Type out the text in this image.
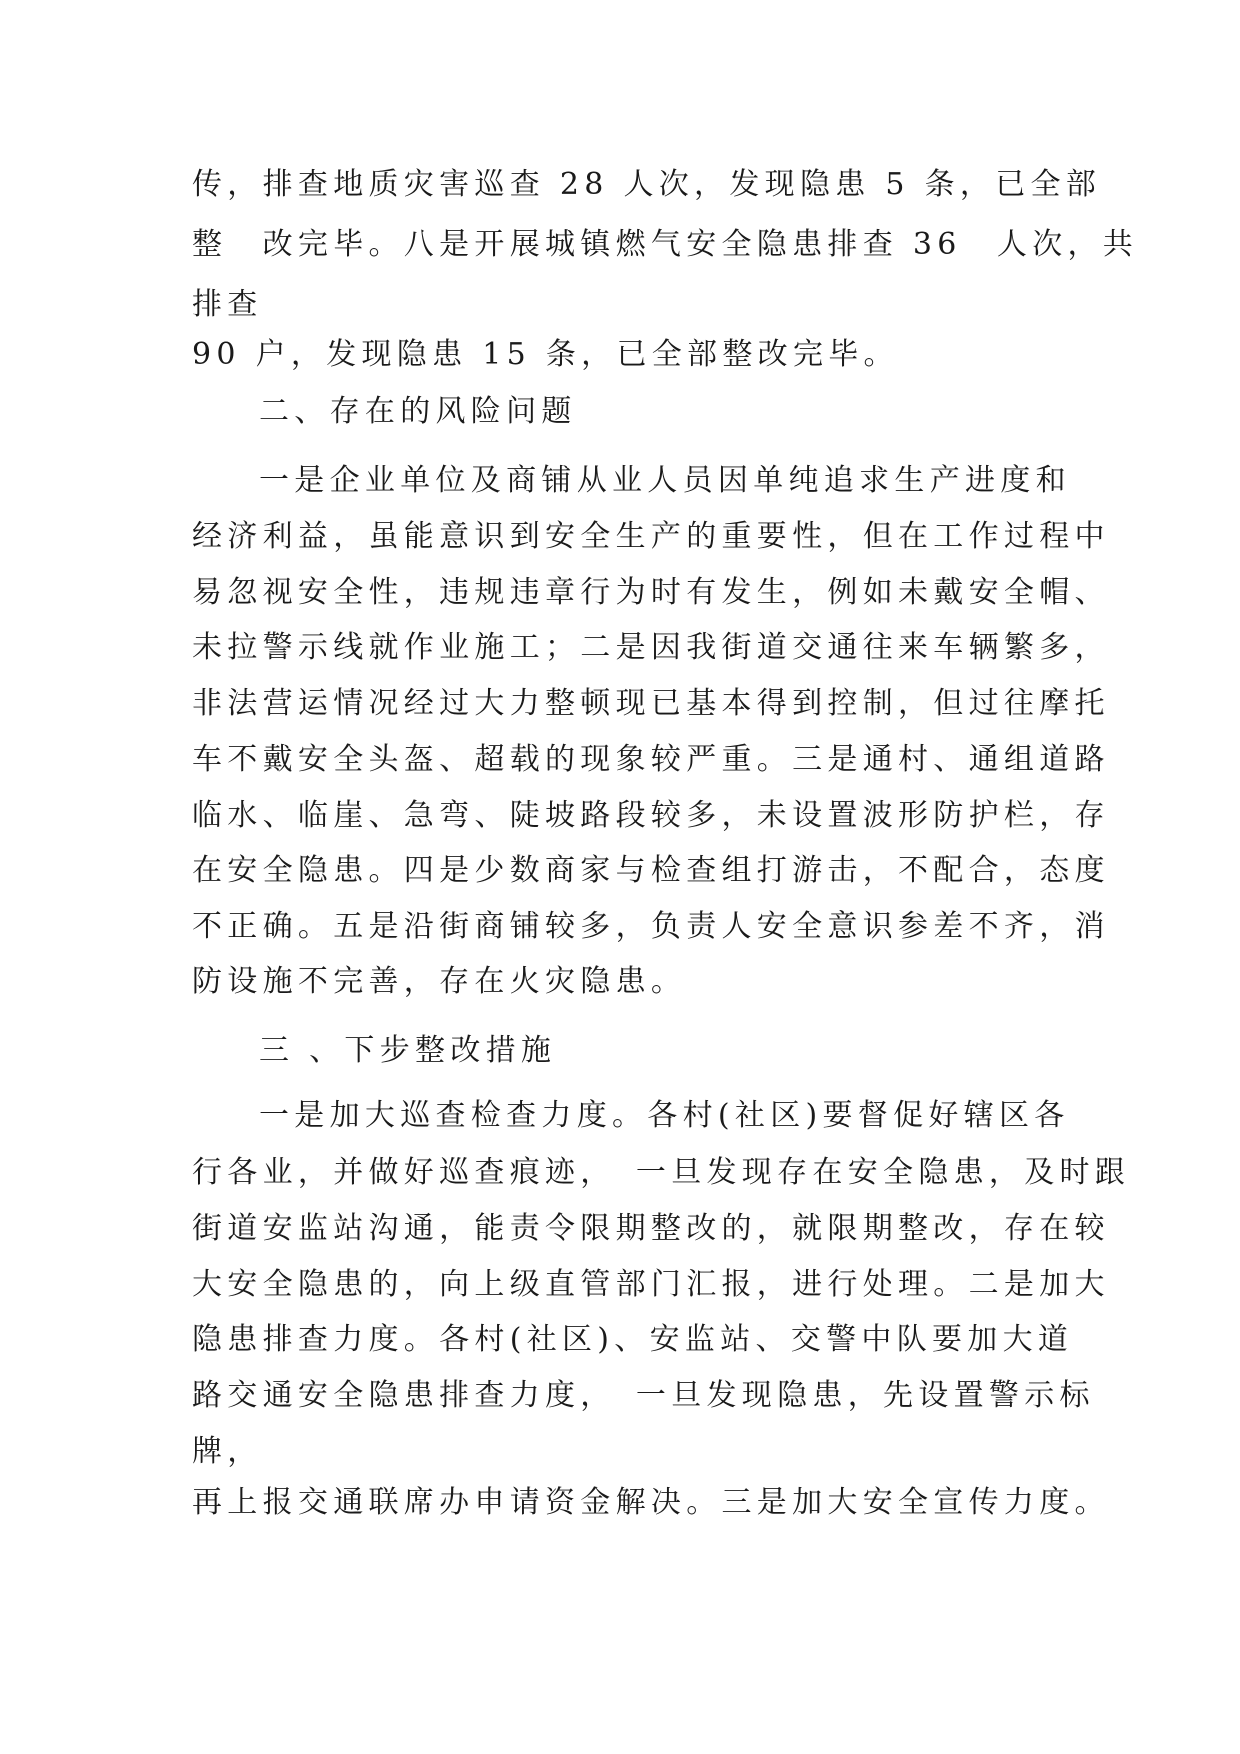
传，排查地质灾害巡查 28 人次，发现隐患 5 条，已全部
整　改完毕。八是开展城镇燃气安全隐患排查 36　人次，共
排查
90 户，发现隐患 15 条，已全部整改完毕。
二、存在的风险问题
一是企业单位及商铺从业人员因单纯追求生产进度和
经济利益，虽能意识到安全生产的重要性，但在工作过程中
易忽视安全性，违规违章行为时有发生，例如未戴安全帽、
未拉警示线就作业施工；二是因我街道交通往来车辆繁多，
非法营运情况经过大力整顿现已基本得到控制，但过往摩托
车不戴安全头盔、超载的现象较严重。三是通村、通组道路
临水、临崖、急弯、陡坡路段较多，未设置波形防护栏，存
在安全隐患。四是少数商家与检查组打游击，不配合，态度
不正确。五是沿街商铺较多，负责人安全意识参差不齐，消
防设施不完善，存在火灾隐患。
三 、下步整改措施
一是加大巡查检查力度。各村(社区)要督促好辖区各
行各业，并做好巡查痕迹，　一旦发现存在安全隐患，及时跟
街道安监站沟通，能责令限期整改的，就限期整改，存在较
大安全隐患的，向上级直管部门汇报，进行处理。二是加大
隐患排查力度。各村(社区)、安监站、交警中队要加大道
路交通安全隐患排查力度，　一旦发现隐患，先设置警示标
牌，
再上报交通联席办申请资金解决。三是加大安全宣传力度。
